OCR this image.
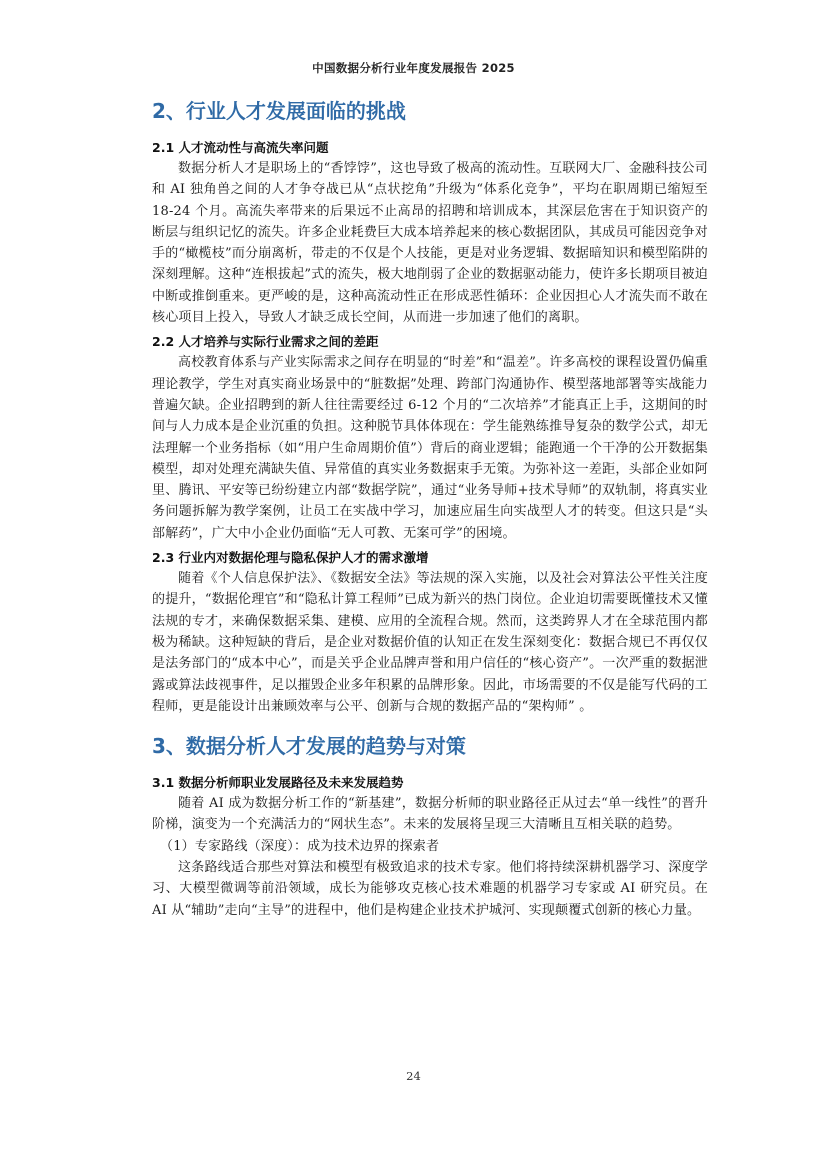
中国数据分析行业年度发展报告 2025
2、行业人才发展面临的挑战
2.1 人才流动性与高流失率问题

数据分析人才是职场上的“香饽饽”，这也导致了极高的流动性。互联网大厂、金融科技公司和 AI 独角兽之间的人才争夺战已从“点状挖角”升级为“体系化竞争”，平均在职周期已缩短至 18-24 个月。高流失率带来的后果远不止高昂的招聘和培训成本，其深层危害在于知识资产的断层与组织记忆的流失。许多企业耗费巨大成本培养起来的核心数据团队，其成员可能因竞争对手的“橄榄枝”而分崩离析，带走的不仅是个人技能，更是对业务逻辑、数据暗知识和模型陷阱的深刻理解。这种“连根拔起”式的流失，极大地削弱了企业的数据驱动能力，使许多长期项目被迫中断或推倒重来。更严峻的是，这种高流动性正在形成恶性循环：企业因担心人才流失而不敢在核心项目上投入，导致人才缺乏成长空间，从而进一步加速了他们的离职。

2.2 人才培养与实际行业需求之间的差距

高校教育体系与产业实际需求之间存在明显的“时差”和“温差”。许多高校的课程设置仍偏重理论教学，学生对真实商业场景中的“脏数据”处理、跨部门沟通协作、模型落地部署等实战能力普遍欠缺。企业招聘到的新人往往需要经过 6-12 个月的“二次培养”才能真正上手，这期间的时间与人力成本是企业沉重的负担。这种脱节具体体现在：学生能熟练推导复杂的数学公式，却无法理解一个业务指标（如“用户生命周期价值”）背后的商业逻辑；能跑通一个干净的公开数据集模型，却对处理充满缺失值、异常值的真实业务数据束手无策。为弥补这一差距，头部企业如阿里、腾讯、平安等已纷纷建立内部“数据学院”，通过“业务导师+技术导师”的双轨制，将真实业务问题拆解为教学案例，让员工在实战中学习，加速应届生向实战型人才的转变。但这只是“头部解药”，广大中小企业仍面临“无人可教、无案可学”的困境。

2.3 行业内对数据伦理与隐私保护人才的需求激增

随着《个人信息保护法》、《数据安全法》等法规的深入实施，以及社会对算法公平性关注度的提升，“数据伦理官”和“隐私计算工程师”已成为新兴的热门岗位。企业迫切需要既懂技术又懂法规的专才，来确保数据采集、建模、应用的全流程合规。然而，这类跨界人才在全球范围内都极为稀缺。这种短缺的背后，是企业对数据价值的认知正在发生深刻变化：数据合规已不再仅仅是法务部门的“成本中心”，而是关乎企业品牌声誉和用户信任的“核心资产”。一次严重的数据泄露或算法歧视事件，足以摧毁企业多年积累的品牌形象。因此，市场需要的不仅是能写代码的工程师，更是能设计出兼顾效率与公平、创新与合规的数据产品的“架构师” 。

3、数据分析人才发展的趋势与对策
3.1 数据分析师职业发展路径及未来发展趋势

随着 AI 成为数据分析工作的“新基建”，数据分析师的职业路径正从过去“单一线性”的晋升阶梯，演变为一个充满活力的“网状生态”。未来的发展将呈现三大清晰且互相关联的趋势。

（1）专家路线（深度）：成为技术边界的探索者

这条路线适合那些对算法和模型有极致追求的技术专家。他们将持续深耕机器学习、深度学习、大模型微调等前沿领域，成长为能够攻克核心技术难题的机器学习专家或 AI 研究员。在 AI 从“辅助”走向“主导”的进程中，他们是构建企业技术护城河、实现颠覆式创新的核心力量。

24
